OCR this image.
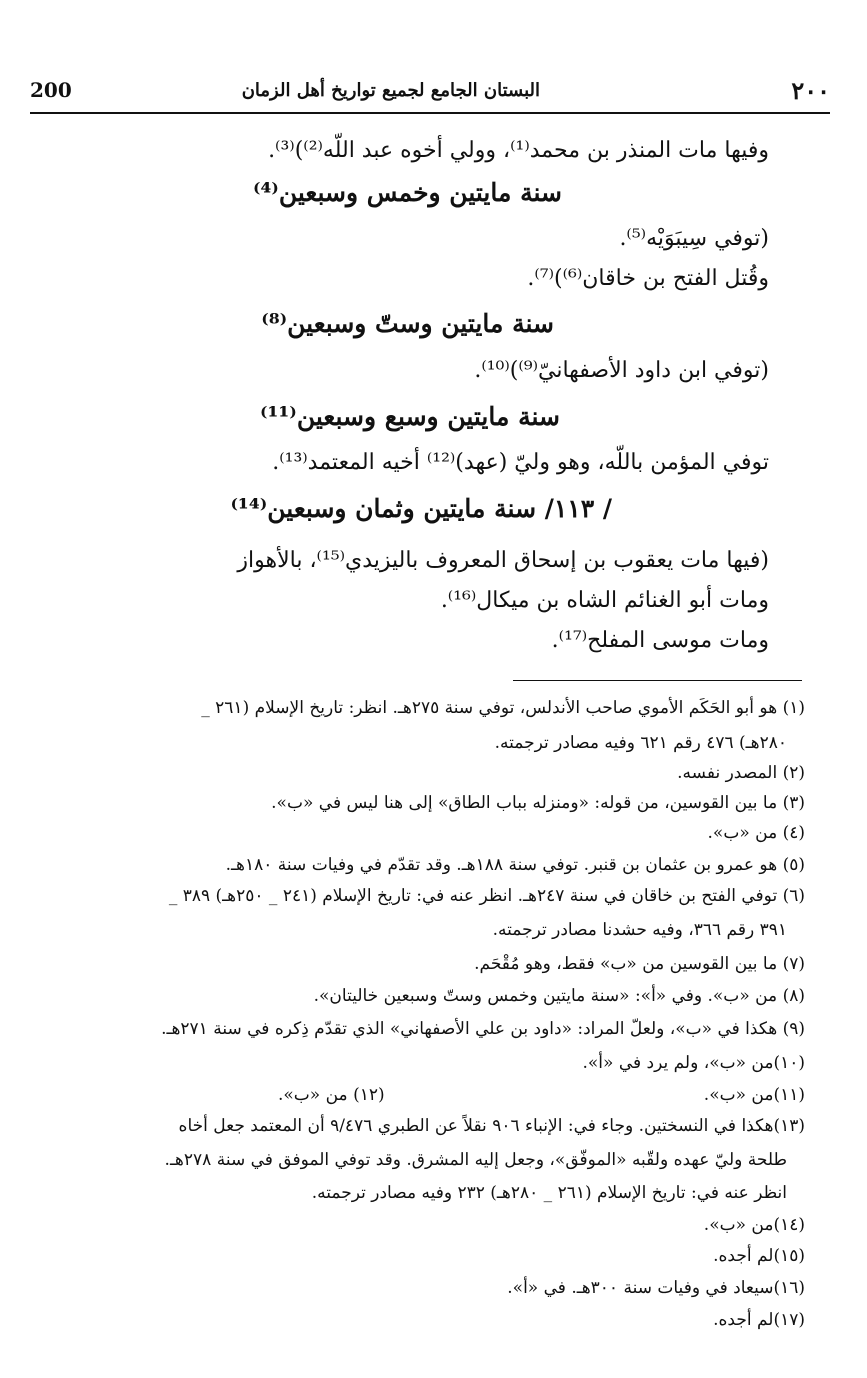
٢٠٠
البستان الجامع لجميع تواريخ أهل الزمان
200
وفيها مات المنذر بن محمد⁽¹⁾، وولي أخوه عبد اللّه⁽²⁾)⁽³⁾.
سنة مايتين وخمس وسبعين⁽⁴⁾
(توفي سِيبَوَيْه⁽⁵⁾.
وقُتل الفتح بن خاقان⁽⁶⁾)⁽⁷⁾.
سنة مايتين وستّ وسبعين⁽⁸⁾
(توفي ابن داود الأصفهانيّ⁽⁹⁾)⁽¹⁰⁾.
سنة مايتين وسبع وسبعين⁽¹¹⁾
توفي المؤمن باللّه، وهو وليّ (عهد)⁽¹²⁾ أخيه المعتمد⁽¹³⁾.
/ ١١٣/ سنة مايتين وثمان وسبعين⁽¹⁴⁾
(فيها مات يعقوب بن إسحاق المعروف باليزيدي⁽¹⁵⁾، بالأهواز
ومات أبو الغنائم الشاه بن ميكال⁽¹⁶⁾.
ومات موسى المفلح⁽¹⁷⁾.
(١) هو أبو الحَكَم الأموي صاحب الأندلس، توفي سنة ٢٧٥هـ. انظر: تاريخ الإسلام (٢٦١ _
٢٨٠هـ) ٤٧٦ رقم ٦٢١ وفيه مصادر ترجمته.
(٢) المصدر نفسه.
(٣) ما بين القوسين، من قوله: «ومنزله بباب الطاق» إلى هنا ليس في «ب».
(٤) من «ب».
(٥) هو عمرو بن عثمان بن قنبر. توفي سنة ١٨٨هـ. وقد تقدّم في وفيات سنة ١٨٠هـ.
(٦) توفي الفتح بن خاقان في سنة ٢٤٧هـ. انظر عنه في: تاريخ الإسلام (٢٤١ _ ٢٥٠هـ) ٣٨٩ _
٣٩١ رقم ٣٦٦، وفيه حشدنا مصادر ترجمته.
(٧) ما بين القوسين من «ب» فقط، وهو مُقْحَم.
(٨) من «ب». وفي «أ»: «سنة مايتين وخمس وستّ وسبعين خاليتان».
(٩) هكذا في «ب»، ولعلّ المراد: «داود بن علي الأصفهاني» الذي تقدّم ذِكره في سنة ٢٧١هـ.
(١٠)من «ب»، ولم يرد في «أ».
(١١)من «ب».
(١٢) من «ب».
(١٣)هكذا في النسختين. وجاء في: الإنباء ٩٠٦ نقلاً عن الطبري ٩/٤٧٦ أن المعتمد جعل أخاه
طلحة وليّ عهده ولقّبه «الموفّق»، وجعل إليه المشرق. وقد توفي الموفق في سنة ٢٧٨هـ.
انظر عنه في: تاريخ الإسلام (٢٦١ _ ٢٨٠هـ) ٢٣٢ وفيه مصادر ترجمته.
(١٤)من «ب».
(١٥)لم أجده.
(١٦)سيعاد في وفيات سنة ٣٠٠هـ. في «أ».
(١٧)لم أجده.
